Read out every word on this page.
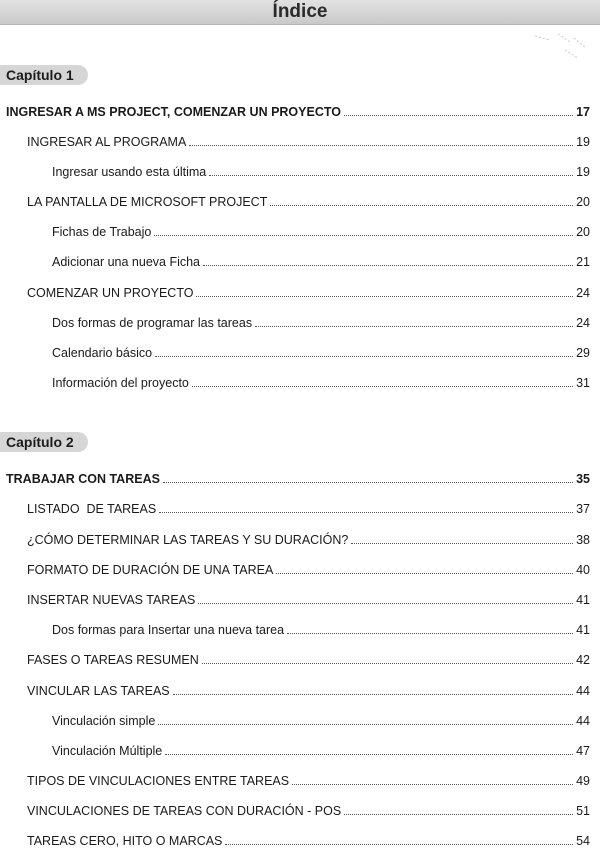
Índice
Capítulo 1
INGRESAR A MS PROJECT, COMENZAR UN PROYECTO	17
INGRESAR AL PROGRAMA	19
Ingresar usando esta última	19
LA PANTALLA DE MICROSOFT PROJECT	20
Fichas de Trabajo	20
Adicionar una nueva Ficha	21
COMENZAR UN PROYECTO	24
Dos formas de programar las tareas	24
Calendario básico	29
Información del proyecto	31
Capítulo 2
TRABAJAR CON TAREAS	35
LISTADO  DE TAREAS	37
¿CÓMO DETERMINAR LAS TAREAS Y SU DURACIÓN?	38
FORMATO DE DURACIÓN DE UNA TAREA	40
INSERTAR NUEVAS TAREAS	41
Dos formas para Insertar una nueva tarea	41
FASES O TAREAS RESUMEN	42
VINCULAR LAS TAREAS	44
Vinculación simple	44
Vinculación Múltiple	47
TIPOS DE VINCULACIONES ENTRE TAREAS	49
VINCULACIONES DE TAREAS CON DURACIÓN - POS	51
TAREAS CERO, HITO O MARCAS	54
